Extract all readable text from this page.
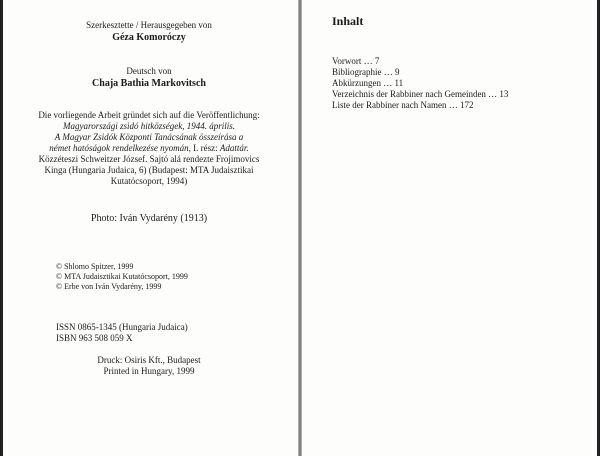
Szerkesztette / Herausgegeben von
Géza Komoróczy
Deutsch von
Chaja Bathia Markovitsch
Die vorliegende Arbeit gründet sich auf die Veröffentlichung:
Magyarországi zsidó hitközségek, 1944. április.
A Magyar Zsidók Központi Tanácsának összeírása a
német hatóságok rendelkezése nyomán, I. rész: Adattár.
Közzéteszi Schweitzer József. Sajtó alá rendezte Frojimovics
Kinga (Hungaria Judaica, 6) (Budapest: MTA Judaisztikai
Kutatócsoport, 1994)
Photo: Iván Vydarény (1913)
© Shlomo Spitzer, 1999
© MTA Judaisztikai Kutatócsoport, 1999
© Erbe von Iván Vydarény, 1999
ISSN 0865-1345 (Hungaria Judaica)
ISBN 963 508 059 X
Druck: Osiris Kft., Budapest
Printed in Hungary, 1999
Inhalt
Vorwort … 7
Bibliographie … 9
Abkürzungen … 11
Verzeichnis der Rabbiner nach Gemeinden … 13
Liste der Rabbiner nach Namen … 172
